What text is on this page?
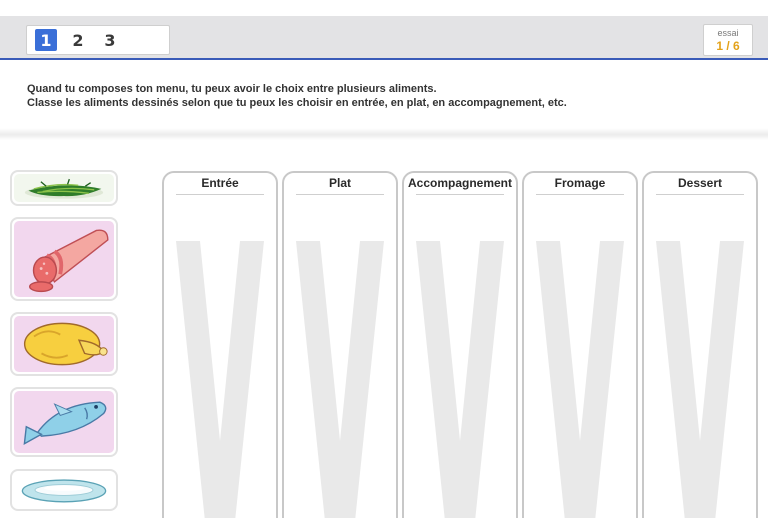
1	2	3	essai
1 / 6
Quand tu composes ton menu, tu peux avoir le choix entre plusieurs aliments.
Classe les aliments dessinés selon que tu peux les choisir en entrée, en plat, en accompagnement, etc.
Entrée	Plat	Accompagnement	Fromage	Dessert
